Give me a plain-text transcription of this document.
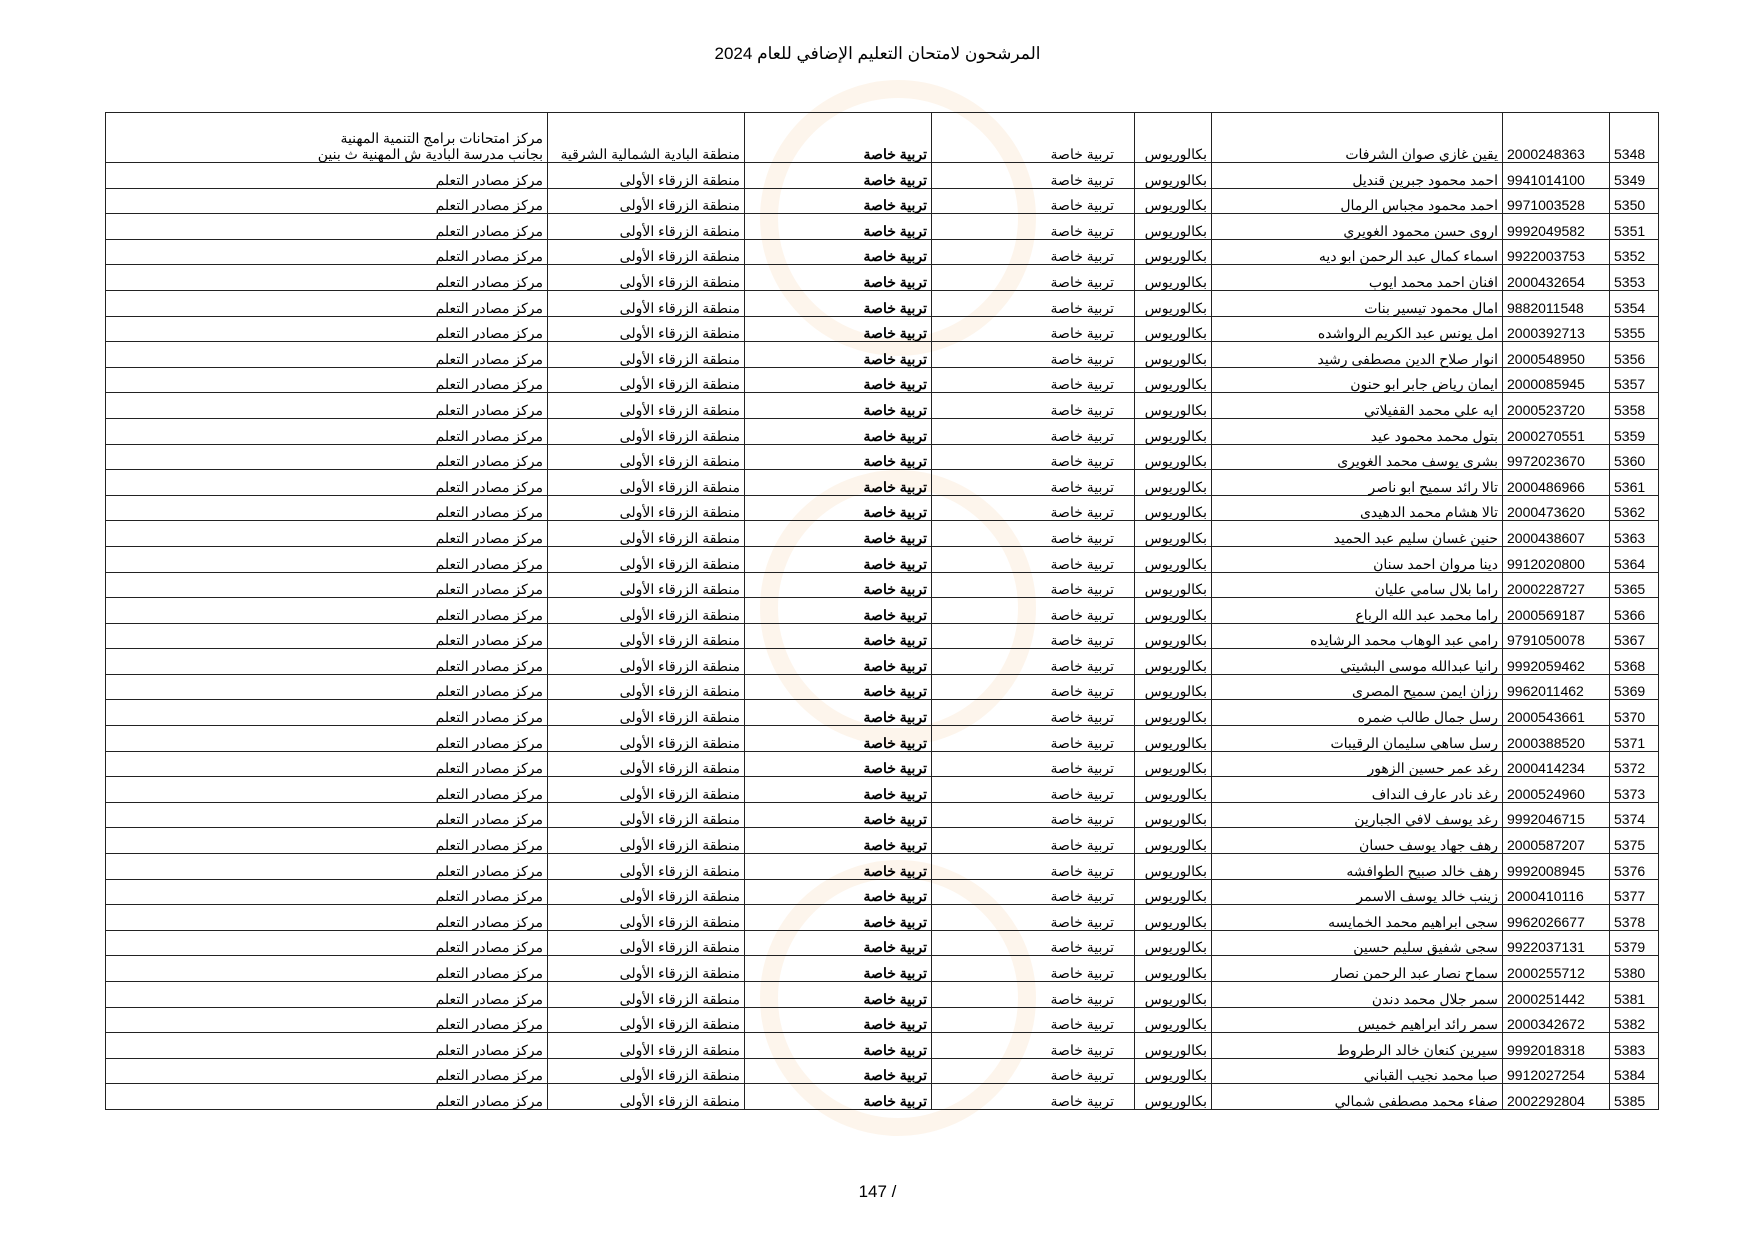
المرشحون لامتحان التعليم الإضافي للعام 2024
5348	2000248363	يقين غازي صوان الشرفات	بكالوريوس	تربية خاصة	تربية خاصة	منطقة البادية الشمالية الشرقية	مركز امتحانات برامج التنمية المهنية
بجانب مدرسة البادية ش المهنية ث بنين

5349	9941014100	احمد محمود جبرين قنديل	بكالوريوس	تربية خاصة	تربية خاصة	منطقة الزرقاء الأولى	مركز مصادر التعلم

5350	9971003528	احمد محمود مجباس الرمال	بكالوريوس	تربية خاصة	تربية خاصة	منطقة الزرقاء الأولى	مركز مصادر التعلم

5351	9992049582	اروى حسن محمود الغويري	بكالوريوس	تربية خاصة	تربية خاصة	منطقة الزرقاء الأولى	مركز مصادر التعلم

5352	9922003753	اسماء كمال عبد الرحمن ابو ديه	بكالوريوس	تربية خاصة	تربية خاصة	منطقة الزرقاء الأولى	مركز مصادر التعلم

5353	2000432654	افنان احمد محمد ايوب	بكالوريوس	تربية خاصة	تربية خاصة	منطقة الزرقاء الأولى	مركز مصادر التعلم

5354	9882011548	امال محمود تيسير بنات	بكالوريوس	تربية خاصة	تربية خاصة	منطقة الزرقاء الأولى	مركز مصادر التعلم

5355	2000392713	امل يونس عبد الكريم الرواشده	بكالوريوس	تربية خاصة	تربية خاصة	منطقة الزرقاء الأولى	مركز مصادر التعلم

5356	2000548950	انوار صلاح الدين مصطفى رشيد	بكالوريوس	تربية خاصة	تربية خاصة	منطقة الزرقاء الأولى	مركز مصادر التعلم

5357	2000085945	ايمان رياض جابر ابو حنون	بكالوريوس	تربية خاصة	تربية خاصة	منطقة الزرقاء الأولى	مركز مصادر التعلم

5358	2000523720	ايه علي محمد القفيلاتي	بكالوريوس	تربية خاصة	تربية خاصة	منطقة الزرقاء الأولى	مركز مصادر التعلم

5359	2000270551	بتول محمد محمود عيد	بكالوريوس	تربية خاصة	تربية خاصة	منطقة الزرقاء الأولى	مركز مصادر التعلم

5360	9972023670	بشرى يوسف محمد الغويرى	بكالوريوس	تربية خاصة	تربية خاصة	منطقة الزرقاء الأولى	مركز مصادر التعلم

5361	2000486966	تالا رائد سميح ابو ناصر	بكالوريوس	تربية خاصة	تربية خاصة	منطقة الزرقاء الأولى	مركز مصادر التعلم

5362	2000473620	تالا هشام محمد الدهيدى	بكالوريوس	تربية خاصة	تربية خاصة	منطقة الزرقاء الأولى	مركز مصادر التعلم

5363	2000438607	حنين غسان سليم عبد الحميد	بكالوريوس	تربية خاصة	تربية خاصة	منطقة الزرقاء الأولى	مركز مصادر التعلم

5364	9912020800	دينا مروان احمد سنان	بكالوريوس	تربية خاصة	تربية خاصة	منطقة الزرقاء الأولى	مركز مصادر التعلم

5365	2000228727	راما بلال سامي عليان	بكالوريوس	تربية خاصة	تربية خاصة	منطقة الزرقاء الأولى	مركز مصادر التعلم

5366	2000569187	راما محمد عبد الله الرباع	بكالوريوس	تربية خاصة	تربية خاصة	منطقة الزرقاء الأولى	مركز مصادر التعلم

5367	9791050078	رامي عبد الوهاب محمد الرشايده	بكالوريوس	تربية خاصة	تربية خاصة	منطقة الزرقاء الأولى	مركز مصادر التعلم

5368	9992059462	رانيا عبدالله موسى البشيتي	بكالوريوس	تربية خاصة	تربية خاصة	منطقة الزرقاء الأولى	مركز مصادر التعلم

5369	9962011462	رزان ايمن سميح المصرى	بكالوريوس	تربية خاصة	تربية خاصة	منطقة الزرقاء الأولى	مركز مصادر التعلم

5370	2000543661	رسل جمال طالب ضمره	بكالوريوس	تربية خاصة	تربية خاصة	منطقة الزرقاء الأولى	مركز مصادر التعلم

5371	2000388520	رسل ساهي سليمان الرقيبات	بكالوريوس	تربية خاصة	تربية خاصة	منطقة الزرقاء الأولى	مركز مصادر التعلم

5372	2000414234	رغد عمر حسين الزهور	بكالوريوس	تربية خاصة	تربية خاصة	منطقة الزرقاء الأولى	مركز مصادر التعلم

5373	2000524960	رغد نادر عارف النداف	بكالوريوس	تربية خاصة	تربية خاصة	منطقة الزرقاء الأولى	مركز مصادر التعلم

5374	9992046715	رغد يوسف لافي الجبارين	بكالوريوس	تربية خاصة	تربية خاصة	منطقة الزرقاء الأولى	مركز مصادر التعلم

5375	2000587207	رهف جهاد يوسف حسان	بكالوريوس	تربية خاصة	تربية خاصة	منطقة الزرقاء الأولى	مركز مصادر التعلم

5376	9992008945	رهف خالد صبيح الطوافشه	بكالوريوس	تربية خاصة	تربية خاصة	منطقة الزرقاء الأولى	مركز مصادر التعلم

5377	2000410116	زينب خالد يوسف الاسمر	بكالوريوس	تربية خاصة	تربية خاصة	منطقة الزرقاء الأولى	مركز مصادر التعلم

5378	9962026677	سجى ابراهيم محمد الخمايسه	بكالوريوس	تربية خاصة	تربية خاصة	منطقة الزرقاء الأولى	مركز مصادر التعلم

5379	9922037131	سجى شفيق سليم حسين	بكالوريوس	تربية خاصة	تربية خاصة	منطقة الزرقاء الأولى	مركز مصادر التعلم

5380	2000255712	سماح نصار عبد الرحمن نصار	بكالوريوس	تربية خاصة	تربية خاصة	منطقة الزرقاء الأولى	مركز مصادر التعلم

5381	2000251442	سمر جلال محمد دندن	بكالوريوس	تربية خاصة	تربية خاصة	منطقة الزرقاء الأولى	مركز مصادر التعلم

5382	2000342672	سمر رائد ابراهيم خميس	بكالوريوس	تربية خاصة	تربية خاصة	منطقة الزرقاء الأولى	مركز مصادر التعلم

5383	9992018318	سيرين كنعان خالد الرطروط	بكالوريوس	تربية خاصة	تربية خاصة	منطقة الزرقاء الأولى	مركز مصادر التعلم

5384	9912027254	صبا محمد نجيب القباني	بكالوريوس	تربية خاصة	تربية خاصة	منطقة الزرقاء الأولى	مركز مصادر التعلم

5385	2002292804	صفاء محمد مصطفى شمالي	بكالوريوس	تربية خاصة	تربية خاصة	منطقة الزرقاء الأولى	مركز مصادر التعلم
147 /
